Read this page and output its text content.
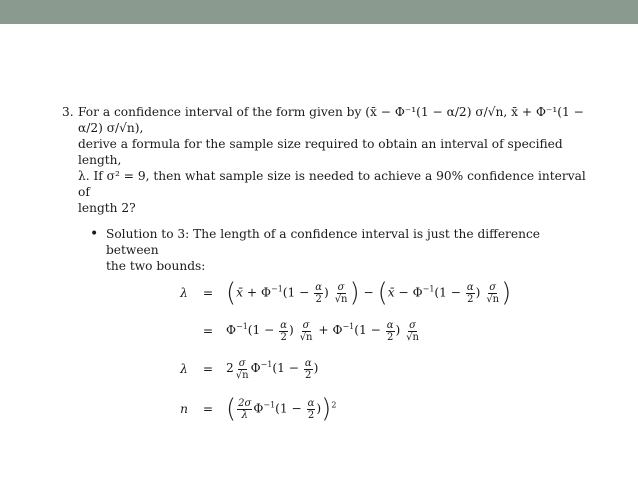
3. For a confidence interval of the form given by (x̄ − Φ⁻¹(1 − α/2) σ/√n, x̄ + Φ⁻¹(1 − α/2) σ/√n),
derive a formula for the sample size required to obtain an interval of specified length,
λ. If σ² = 9, then what sample size is needed to achieve a 90% confidence interval of
length 2?
• Solution to 3: The length of a confidence interval is just the difference between
the two bounds:
λ	= (x̄ + $\Phi^{-1}(1 - \frac{\alpha}{2}$ ) $\frac{\sigma}{√n}$ ) − (x̄ − $\Phi^{-1}(1 - \frac{\alpha}{2}$ ) $\frac{\sigma}{√n}$ )
= $\Phi^{-1}(1 - \frac{\alpha}{2}$ ) $\frac{\sigma}{√n} + \Phi^{-1}(1 - \frac{\alpha}{2}$ ) $\frac{\sigma}{√n}$
λ	= $2 \frac{\sigma}{√n} \Phi^{-1}(1 - \frac{\alpha}{2}$ )
n	= ( $\frac{2\sigma}{\lambda} \Phi^{-1}(1 - \frac{\alpha}{2} ))^2$
